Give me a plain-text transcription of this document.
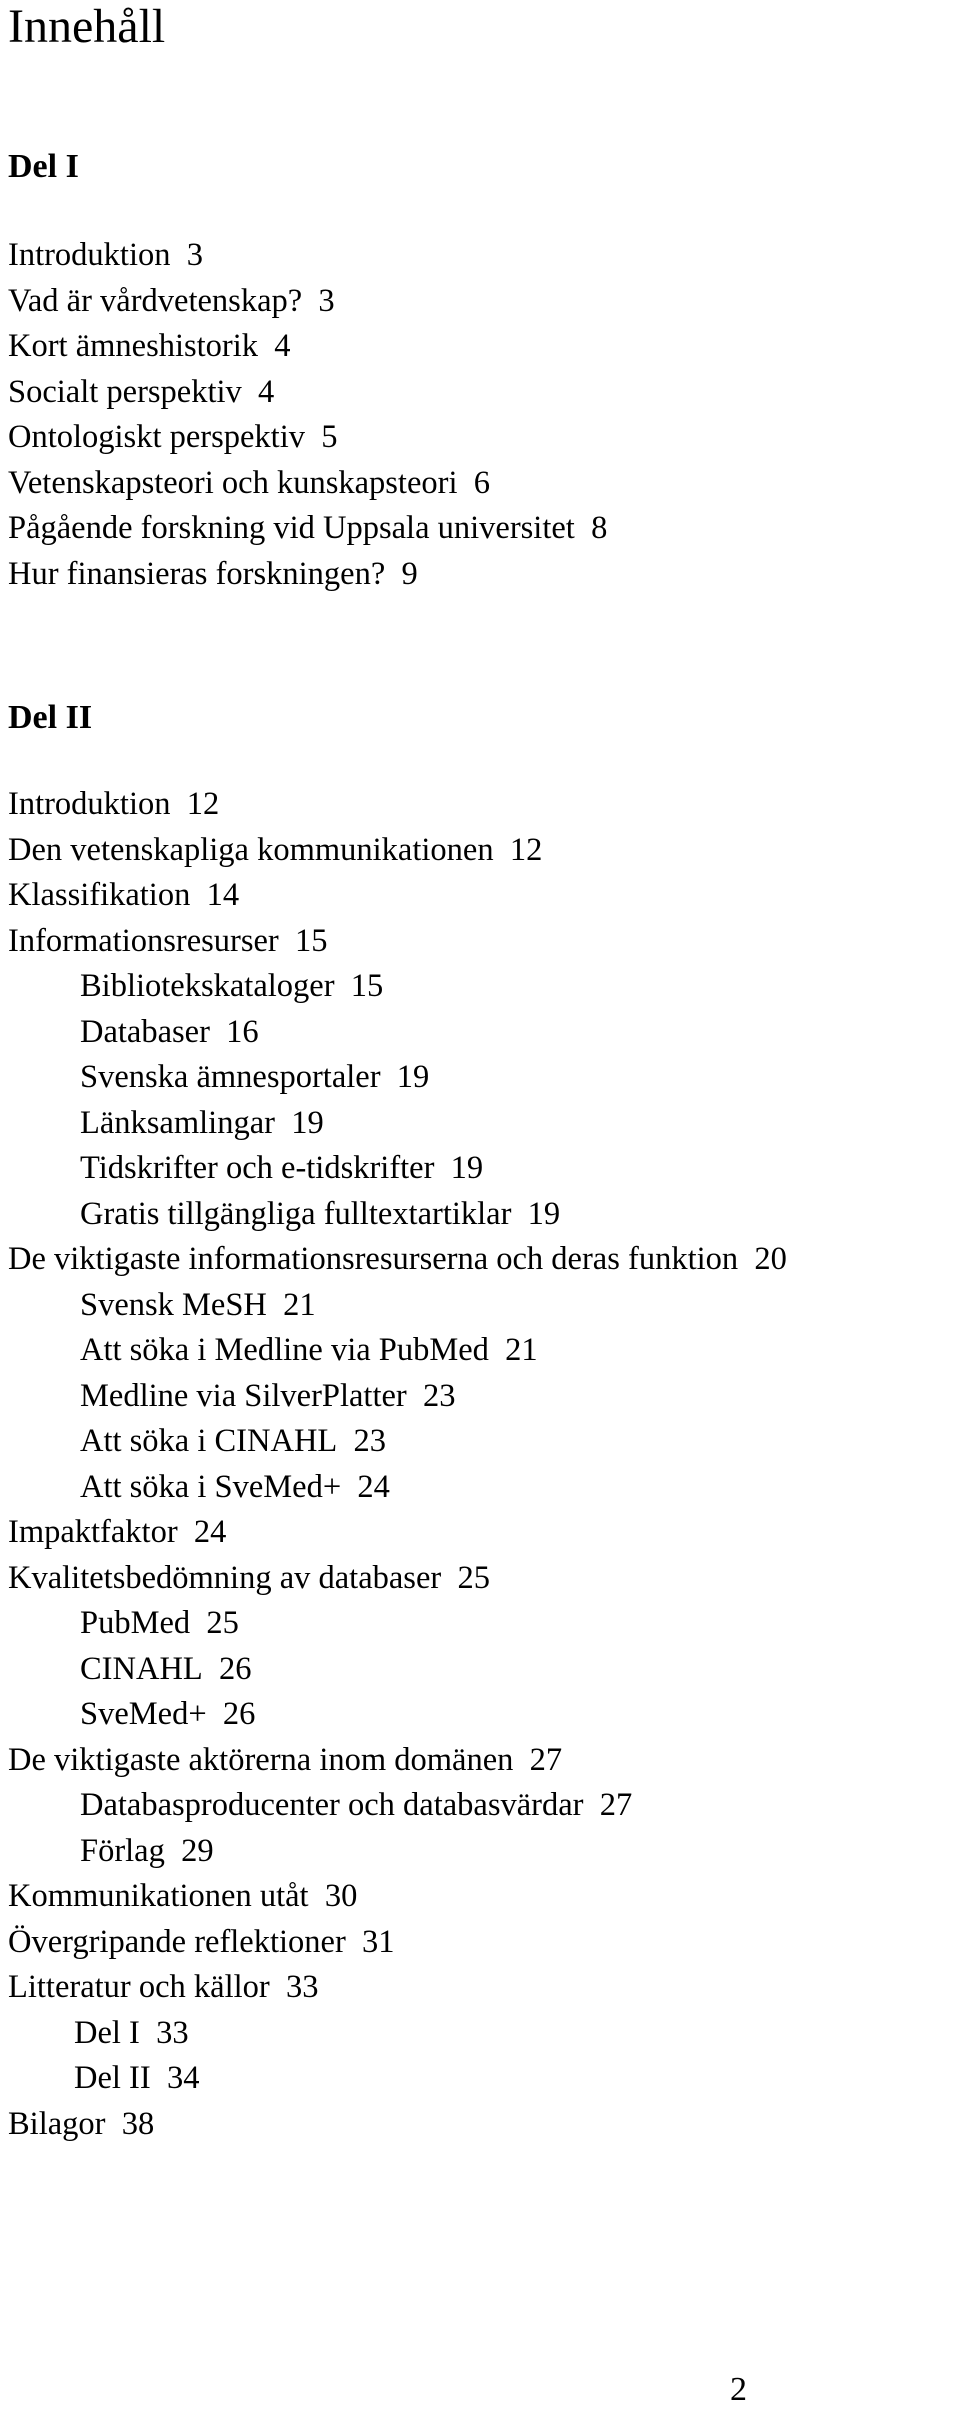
Innehåll
Del I
Introduktion 3
Vad är vårdvetenskap? 3
Kort ämneshistorik 4
Socialt perspektiv 4
Ontologiskt perspektiv 5
Vetenskapsteori och kunskapsteori 6
Pågående forskning vid Uppsala universitet 8
Hur finansieras forskningen? 9
Del II
Introduktion 12
Den vetenskapliga kommunikationen 12
Klassifikation 14
Informationsresurser 15
Bibliotekskataloger 15
Databaser 16
Svenska ämnesportaler 19
Länksamlingar 19
Tidskrifter och e-tidskrifter 19
Gratis tillgängliga fulltextartiklar 19
De viktigaste informationsresurserna och deras funktion 20
Svensk MeSH 21
Att söka i Medline via PubMed 21
Medline via SilverPlatter 23
Att söka i CINAHL 23
Att söka i SveMed+ 24
Impaktfaktor 24
Kvalitetsbedömning av databaser 25
PubMed 25
CINAHL 26
SveMed+ 26
De viktigaste aktörerna inom domänen 27
Databasproducenter och databasvärdar 27
Förlag 29
Kommunikationen utåt 30
Övergripande reflektioner 31
Litteratur och källor 33
Del I 33
Del II 34
Bilagor 38
2
